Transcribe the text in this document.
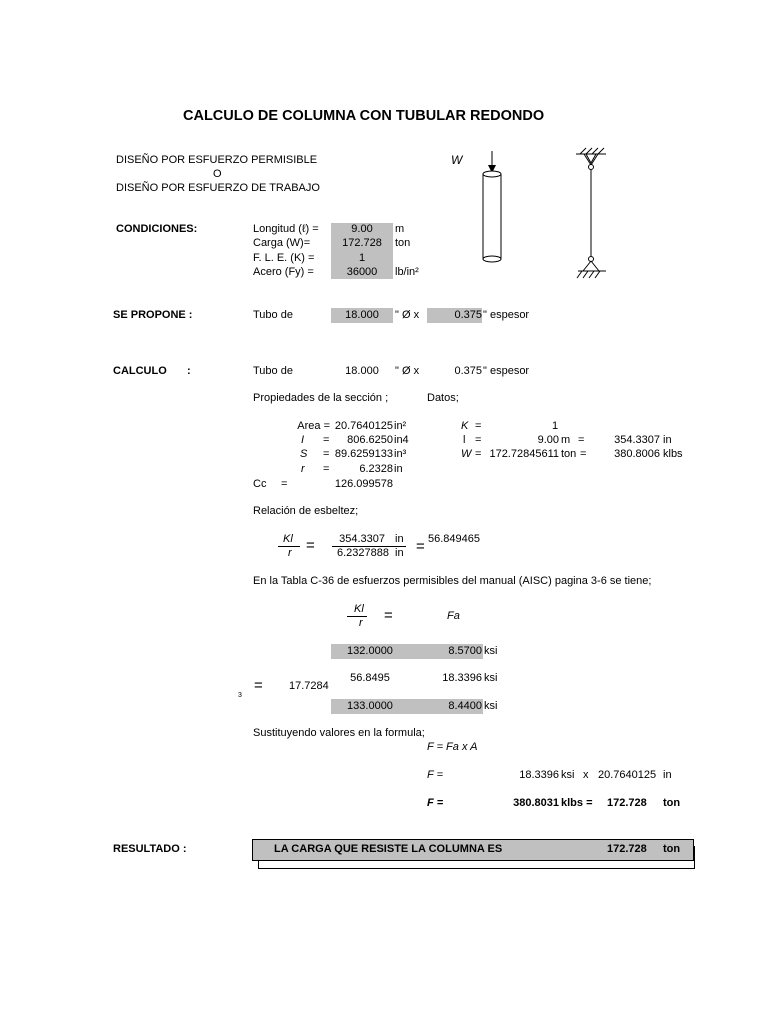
CALCULO DE COLUMNA CON TUBULAR REDONDO
DISEÑO POR ESFUERZO PERMISIBLE
O
DISEÑO POR ESFUERZO DE TRABAJO
W
CONDICIONES:	Longitud (ℓ) =	9.00	m
Carga (W)=	172.728	ton
F. L. E. (K) =	1
Acero (Fy) =	36000	lb/in²
SE PROPONE :	Tubo de	18.000	" Ø x	0.375 " espesor
CALCULO :	Tubo de	18.000	" Ø x	0.375 " espesor
Propiedades de la sección ;	Datos;
Area = 20.7640125 in²
I =	806.6250 in4
S = 89.6259133 in³
r =	6.2328 in
Cc =	126.099578
K =	1
l =	9.00 m =	354.3307 in
W = 172.72845611 ton =	380.8006 klbs
Relación de esbeltez;
Kl
r =	354.3307 in
6.2327888 in = 56.849465
En la Tabla C-36 de esfuerzos permisibles del manual (AISC) pagina 3-6 se tiene;
Kl
r =	Fa
132.0000	8.5700 ksi
3
= 17.7284
56.8495	18.3396 ksi
133.0000	8.4400 ksi
Sustituyendo valores en la formula;
F = Fa x A
F =	18.3396 ksi x 20.7640125 in
F =	380.8031 klbs = 172.728 ton
RESULTADO :	LA CARGA QUE RESISTE LA COLUMNA ES	172.728 ton
